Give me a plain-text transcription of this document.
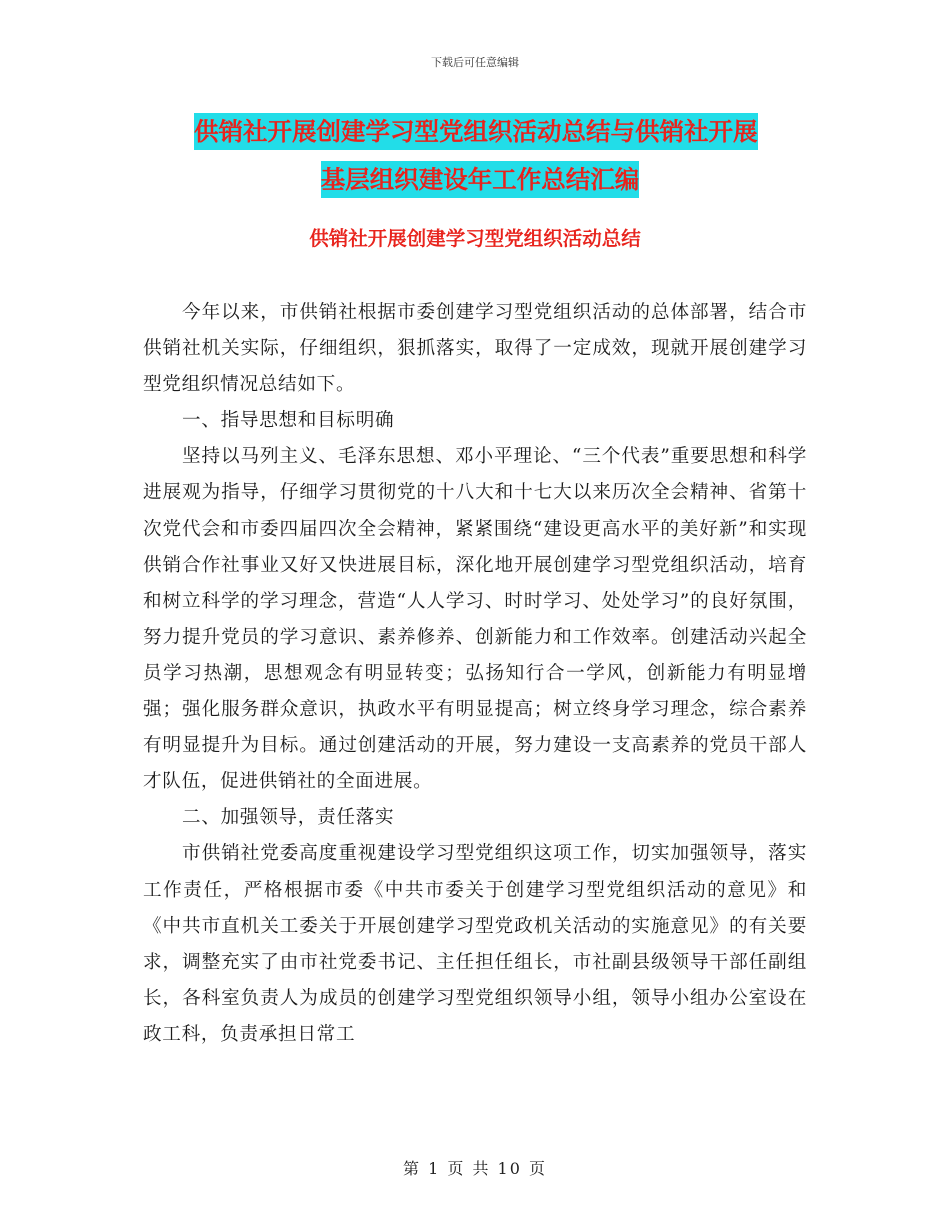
下载后可任意编辑
供销社开展创建学习型党组织活动总结与供销社开展
基层组织建设年工作总结汇编
供销社开展创建学习型党组织活动总结

今年以来，市供销社根据市委创建学习型党组织活动的总体部署，结合市供销社机关实际，仔细组织，狠抓落实，取得了一定成效，现就开展创建学习型党组织情况总结如下。

一、指导思想和目标明确

坚持以马列主义、毛泽东思想、邓小平理论、“三个代表”重要思想和科学进展观为指导，仔细学习贯彻党的十八大和十七大以来历次全会精神、省第十次党代会和市委四届四次全会精神，紧紧围绕“建设更高水平的美好新”和实现供销合作社事业又好又快进展目标，深化地开展创建学习型党组织活动，培育和树立科学的学习理念，营造“人人学习、时时学习、处处学习”的良好氛围，努力提升党员的学习意识、素养修养、创新能力和工作效率。创建活动兴起全员学习热潮，思想观念有明显转变；弘扬知行合一学风，创新能力有明显增强；强化服务群众意识，执政水平有明显提高；树立终身学习理念，综合素养有明显提升为目标。通过创建活动的开展，努力建设一支高素养的党员干部人才队伍，促进供销社的全面进展。

二、加强领导，责任落实

市供销社党委高度重视建设学习型党组织这项工作，切实加强领导，落实工作责任，严格根据市委《中共市委关于创建学习型党组织活动的意见》和《中共市直机关工委关于开展创建学习型党政机关活动的实施意见》的有关要求，调整充实了由市社党委书记、主任担任组长，市社副县级领导干部任副组长，各科室负责人为成员的创建学习型党组织领导小组，领导小组办公室设在政工科，负责承担日常工

第 1 页 共 10 页
